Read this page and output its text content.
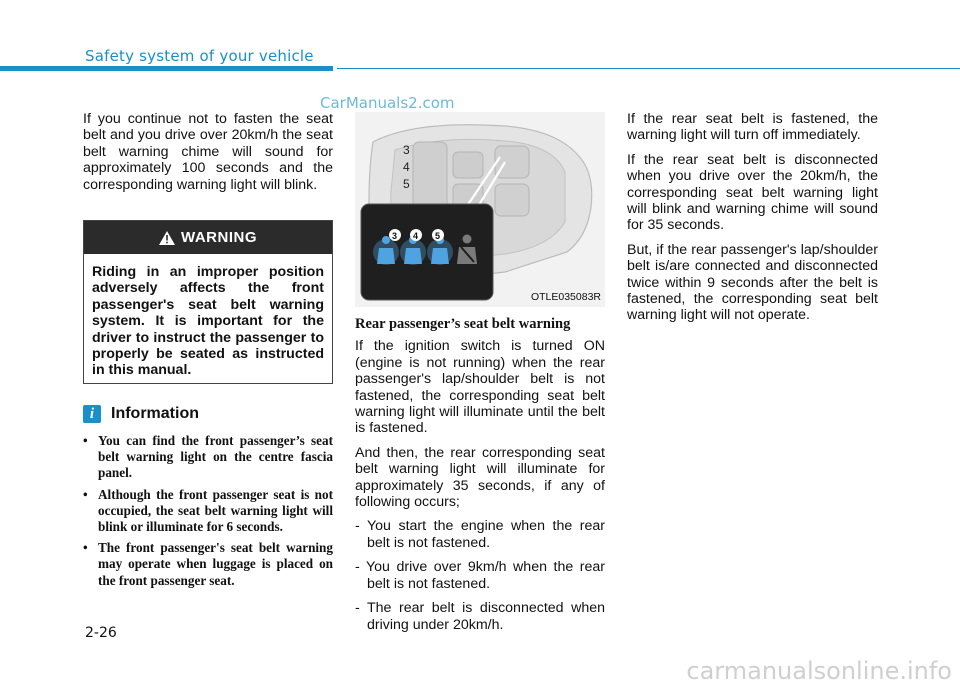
Safety system of your vehicle
CarManuals2.com

If you continue not to fasten the seat belt and you drive over 20km/h the seat belt warning chime will sound for approximately 100 seconds and the corresponding warning light will blink.

WARNING
Riding in an improper position adversely affects the front passenger's seat belt warning system. It is important for the driver to instruct the passenger to properly be seated as instructed in this manual.
i	Information
• You can find the front passenger’s seat belt warning light on the centre fascia panel.
• Although the front passenger seat is not occupied, the seat belt warning light will blink or illuminate for 6 seconds.
• The front passenger's seat belt warning may operate when luggage is placed on the front passenger seat.
3
4
5
3 4 5
OTLE035083R
Rear passenger’s seat belt warning

If the ignition switch is turned ON (engine is not running) when the rear passenger's lap/shoulder belt is not fastened, the corresponding seat belt warning light will illuminate until the belt is fastened.

And then, the rear corresponding seat belt warning light will illuminate for approximately 35 seconds, if any of following occurs;

- You start the engine when the rear belt is not fastened.
- You drive over 9km/h when the rear belt is not fastened.
- The rear belt is disconnected when driving under 20km/h.

If the rear seat belt is fastened, the warning light will turn off immediately.

If the rear seat belt is disconnected when you drive over the 20km/h, the corresponding seat belt warning light will blink and warning chime will sound for 35 seconds.

But, if the rear passenger's lap/shoulder belt is/are connected and disconnected twice within 9 seconds after the belt is fastened, the corresponding seat belt warning light will not operate.

2-26
carmanualsonline.info
